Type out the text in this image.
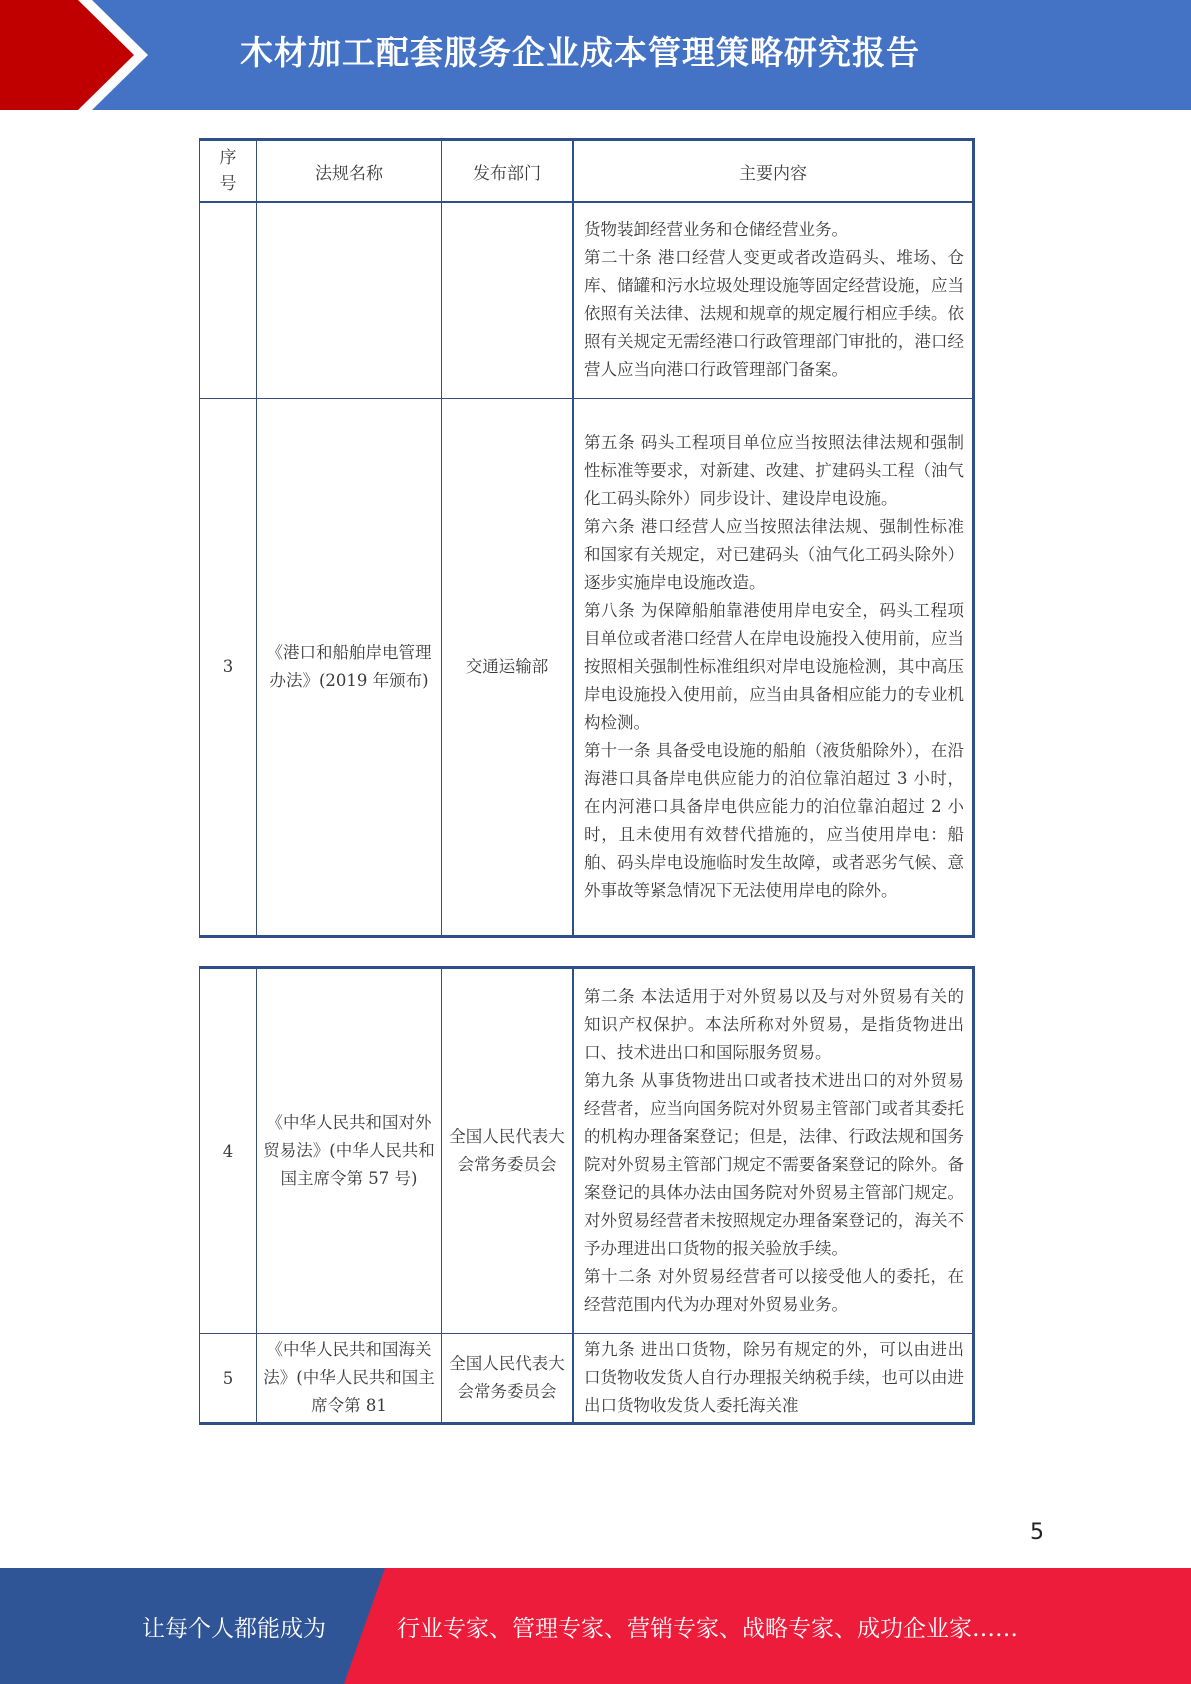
木材加工配套服务企业成本管理策略研究报告
序
号	法规名称	发布部门	主要内容

			货物装卸经营业务和仓储经营业务。
第二十条 港口经营人变更或者改造码头、堆场、仓库、储罐和污水垃圾处理设施等固定经营设施，应当依照有关法律、法规和规章的规定履行相应手续。依照有关规定无需经港口行政管理部门审批的，港口经营人应当向港口行政管理部门备案。

3	《港口和船舶岸电管理办法》(2019 年颁布)	交通运输部	第五条 码头工程项目单位应当按照法律法规和强制性标准等要求，对新建、改建、扩建码头工程（油气化工码头除外）同步设计、建设岸电设施。
第六条 港口经营人应当按照法律法规、强制性标准和国家有关规定，对已建码头（油气化工码头除外）逐步实施岸电设施改造。
第八条 为保障船舶靠港使用岸电安全，码头工程项目单位或者港口经营人在岸电设施投入使用前，应当按照相关强制性标准组织对岸电设施检测，其中高压岸电设施投入使用前，应当由具备相应能力的专业机构检测。
第十一条 具备受电设施的船舶（液货船除外），在沿海港口具备岸电供应能力的泊位靠泊超过 3 小时，在内河港口具备岸电供应能力的泊位靠泊超过 2 小时，且未使用有效替代措施的，应当使用岸电：船舶、码头岸电设施临时发生故障，或者恶劣气候、意外事故等紧急情况下无法使用岸电的除外。
4	《中华人民共和国对外贸易法》(中华人民共和国主席令第 57 号)	全国人民代表大会常务委员会	第二条 本法适用于对外贸易以及与对外贸易有关的知识产权保护。本法所称对外贸易，是指货物进出口、技术进出口和国际服务贸易。
第九条 从事货物进出口或者技术进出口的对外贸易经营者，应当向国务院对外贸易主管部门或者其委托的机构办理备案登记；但是，法律、行政法规和国务院对外贸易主管部门规定不需要备案登记的除外。备案登记的具体办法由国务院对外贸易主管部门规定。对外贸易经营者未按照规定办理备案登记的，海关不予办理进出口货物的报关验放手续。
第十二条 对外贸易经营者可以接受他人的委托，在经营范围内代为办理对外贸易业务。

5	《中华人民共和国海关法》(中华人民共和国主席令第 81	全国人民代表大会常务委员会	第九条 进出口货物，除另有规定的外，可以由进出口货物收发货人自行办理报关纳税手续，也可以由进出口货物收发货人委托海关准
5
让每个人都能成为	行业专家、管理专家、营销专家、战略专家、成功企业家……
